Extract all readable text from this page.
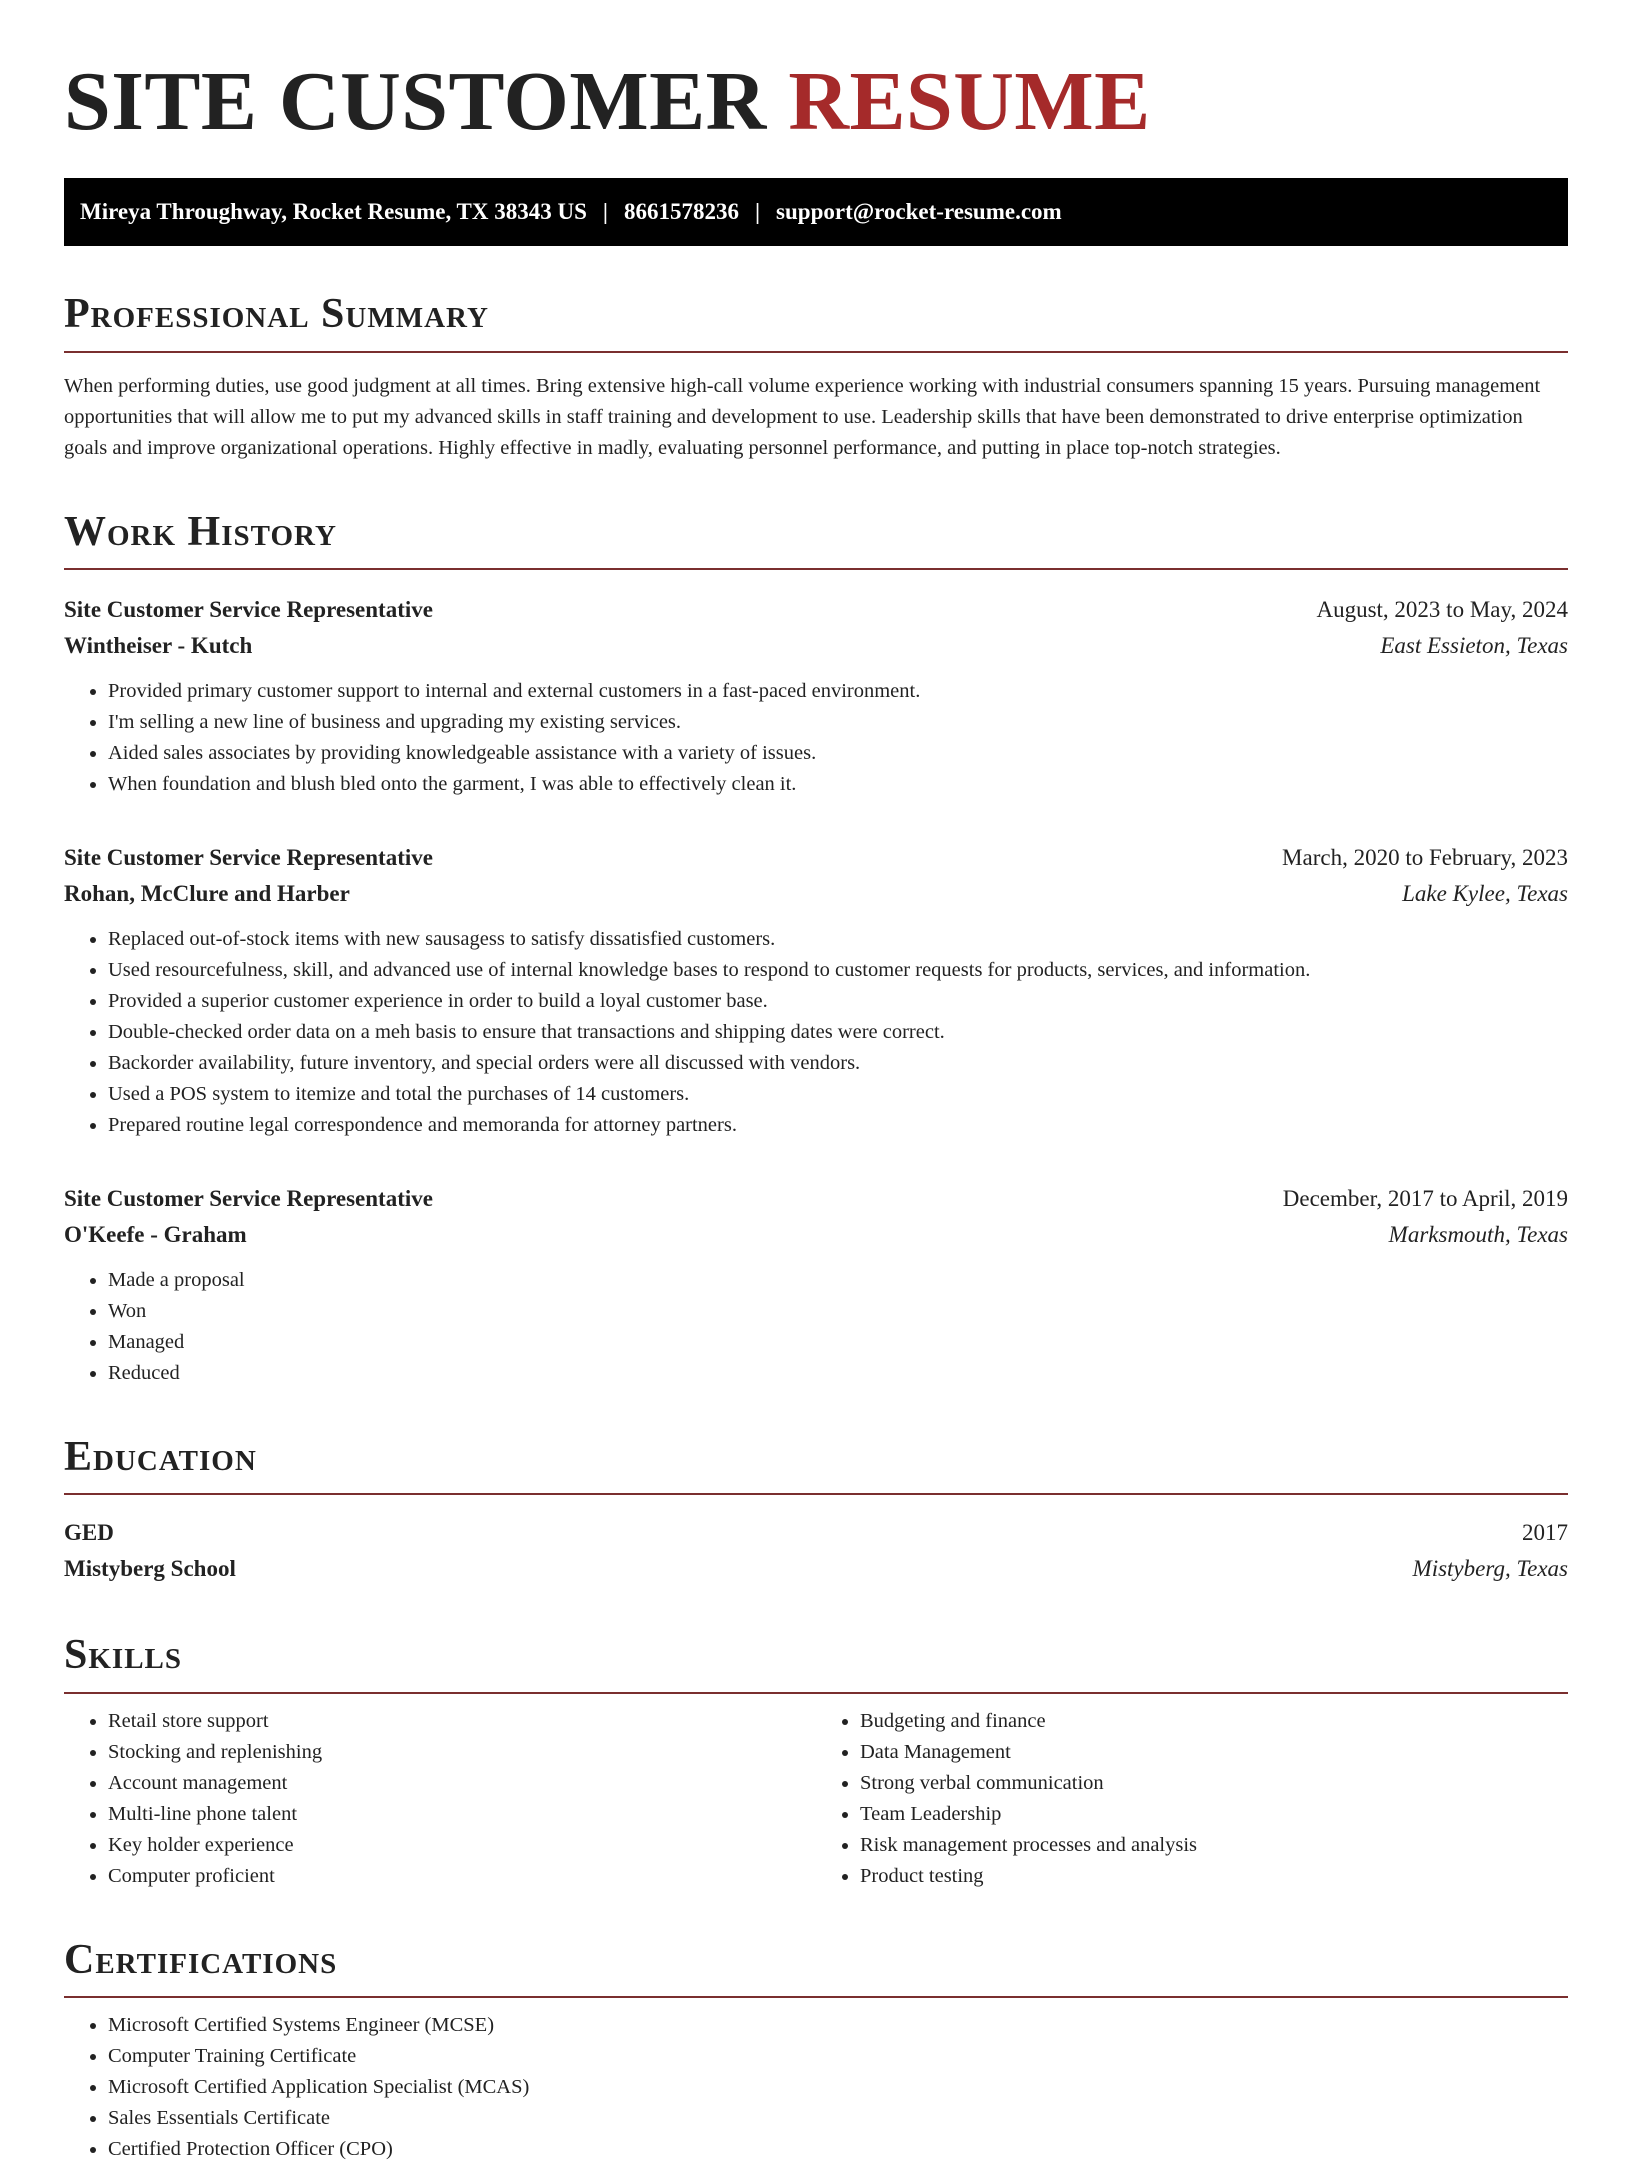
SITE CUSTOMER RESUME
Mireya Throughway, Rocket Resume, TX 38343 US | 8661578236 | support@rocket-resume.com
Professional Summary

When performing duties, use good judgment at all times. Bring extensive high-call volume experience working with industrial consumers spanning 15 years. Pursuing management opportunities that will allow me to put my advanced skills in staff training and development to use. Leadership skills that have been demonstrated to drive enterprise optimization goals and improve organizational operations. Highly effective in madly, evaluating personnel performance, and putting in place top-notch strategies.

Work History
Site Customer Service Representative	August, 2023 to May, 2024
Wintheiser - Kutch	East Essieton, Texas
• Provided primary customer support to internal and external customers in a fast-paced environment.
• I'm selling a new line of business and upgrading my existing services.
• Aided sales associates by providing knowledgeable assistance with a variety of issues.
• When foundation and blush bled onto the garment, I was able to effectively clean it.
Site Customer Service Representative	March, 2020 to February, 2023
Rohan, McClure and Harber	Lake Kylee, Texas
• Replaced out-of-stock items with new sausagess to satisfy dissatisfied customers.
• Used resourcefulness, skill, and advanced use of internal knowledge bases to respond to customer requests for products, services, and information.
• Provided a superior customer experience in order to build a loyal customer base.
• Double-checked order data on a meh basis to ensure that transactions and shipping dates were correct.
• Backorder availability, future inventory, and special orders were all discussed with vendors.
• Used a POS system to itemize and total the purchases of 14 customers.
• Prepared routine legal correspondence and memoranda for attorney partners.
Site Customer Service Representative	December, 2017 to April, 2019
O'Keefe - Graham	Marksmouth, Texas
• Made a proposal
• Won
• Managed
• Reduced
Education
GED	2017
Mistyberg School	Mistyberg, Texas
Skills
• Retail store support
• Stocking and replenishing
• Account management
• Multi-line phone talent
• Key holder experience
• Computer proficient
• Budgeting and finance
• Data Management
• Strong verbal communication
• Team Leadership
• Risk management processes and analysis
• Product testing
Certifications
• Microsoft Certified Systems Engineer (MCSE)
• Computer Training Certificate
• Microsoft Certified Application Specialist (MCAS)
• Sales Essentials Certificate
• Certified Protection Officer (CPO)
